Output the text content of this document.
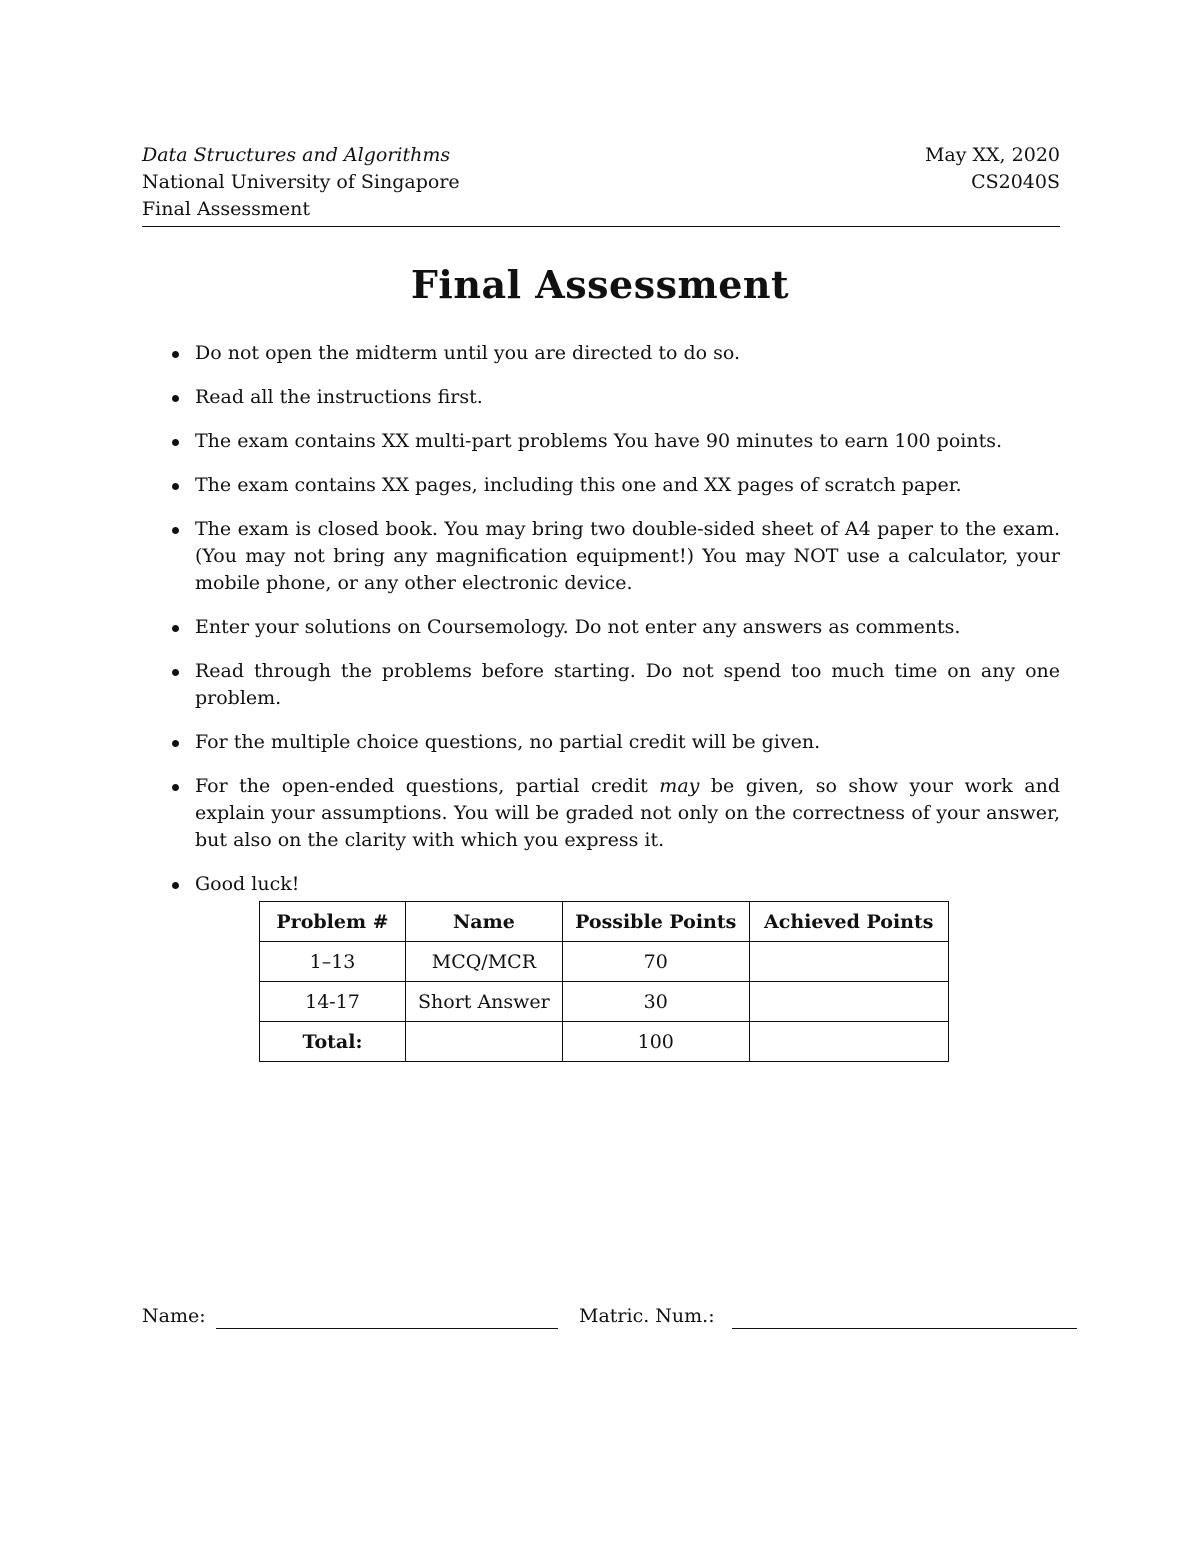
Data Structures and Algorithms	May XX, 2020
National University of Singapore	CS2040S
Final Assessment
Final Assessment
Do not open the midterm until you are directed to do so.
Read all the instructions first.
The exam contains XX multi-part problems You have 90 minutes to earn 100 points.
The exam contains XX pages, including this one and XX pages of scratch paper.
The exam is closed book. You may bring two double-sided sheet of A4 paper to the exam. (You may not bring any magnification equipment!) You may NOT use a calculator, your mobile phone, or any other electronic device.
Enter your solutions on Coursemology. Do not enter any answers as comments.
Read through the problems before starting. Do not spend too much time on any one problem.
For the multiple choice questions, no partial credit will be given.
For the open-ended questions, partial credit may be given, so show your work and explain your assumptions. You will be graded not only on the correctness of your answer, but also on the clarity with which you express it.
Good luck!
Problem #	Name	Possible Points	Achieved Points
1–13	MCQ/MCR	70	
14-17	Short Answer	30	
Total:		100	
Name:	Matric. Num.:
